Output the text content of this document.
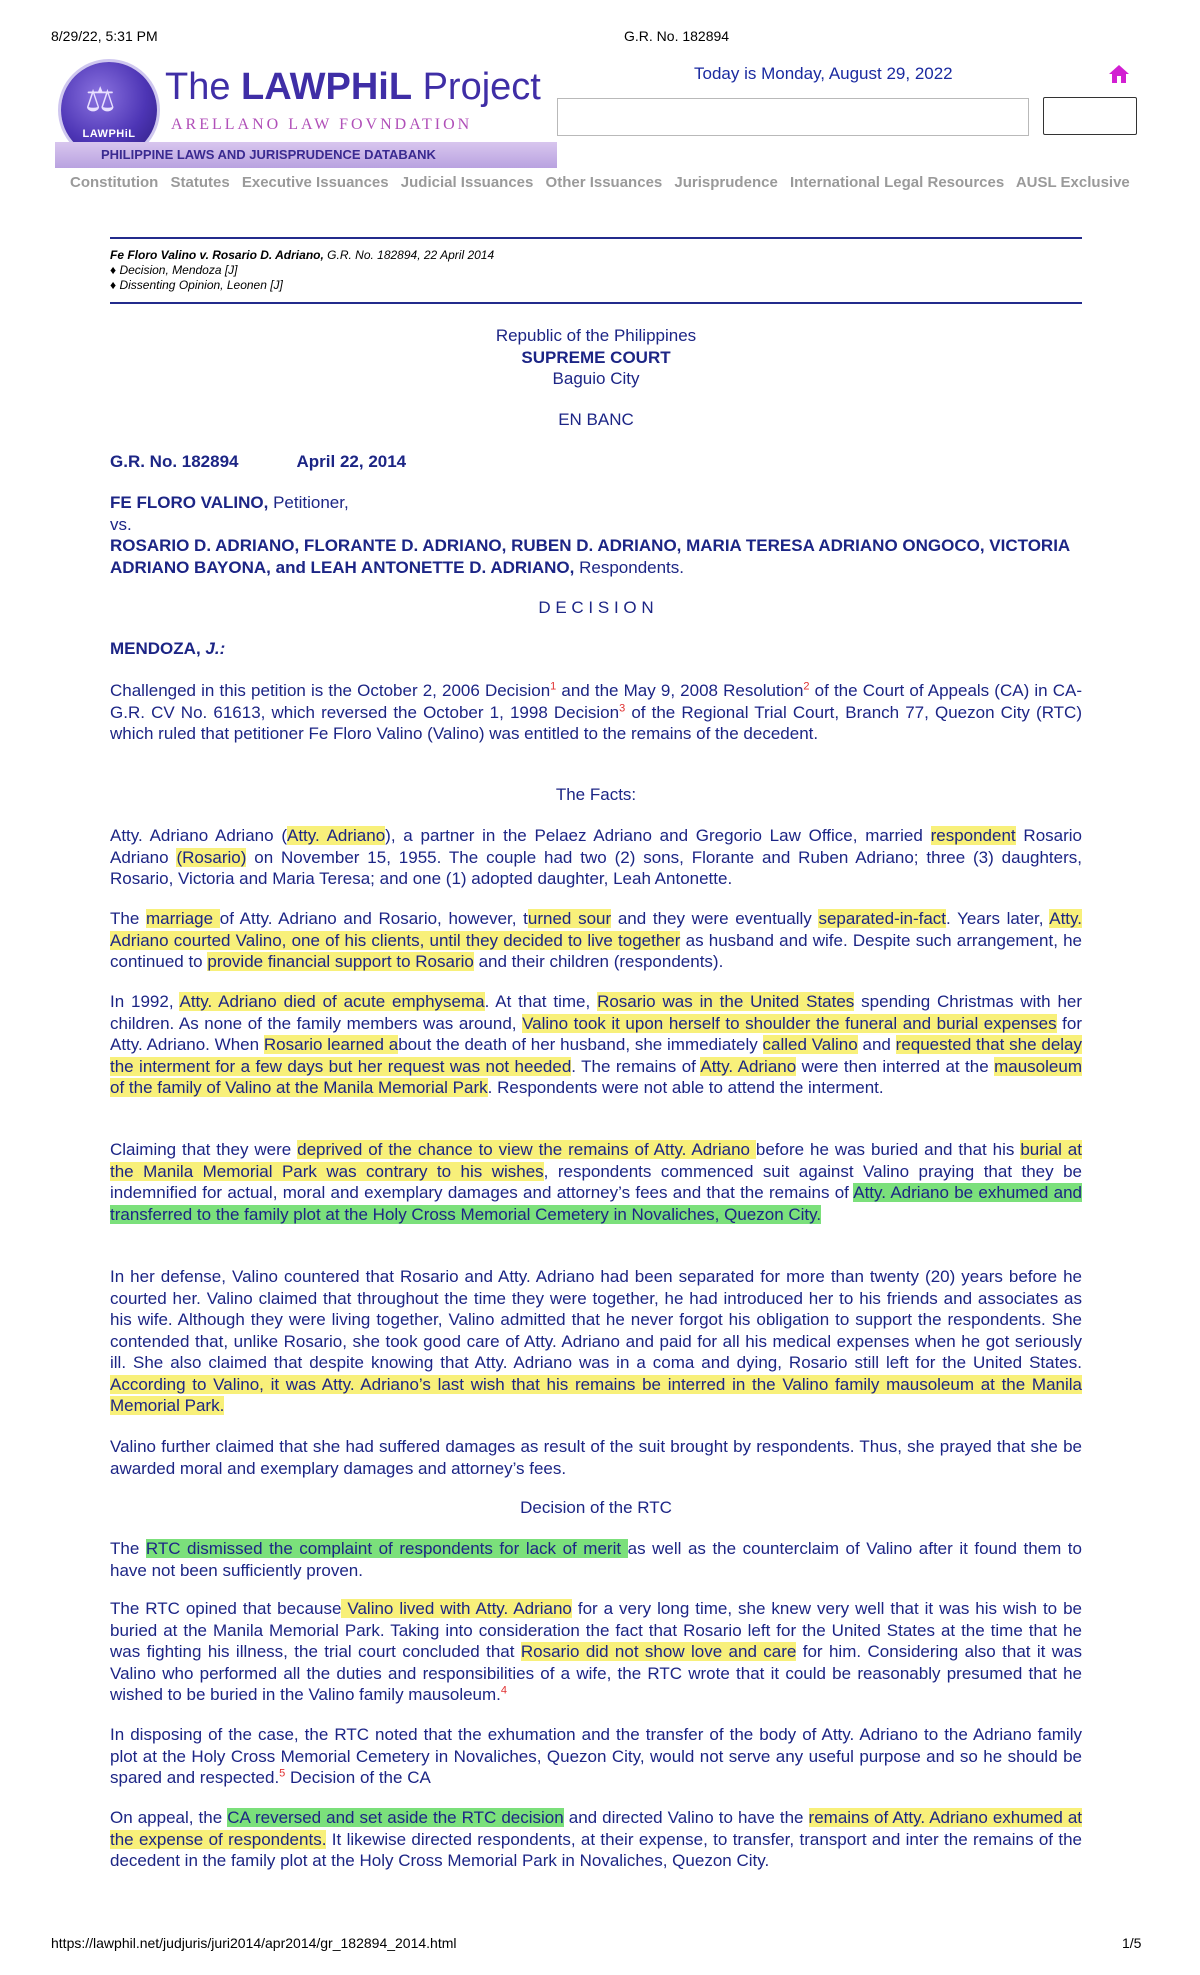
8/29/22, 5:31 PM	G.R. No. 182894
⚖
LAWPHiL
The LAWPHiL Project
ARELLANO LAW FOVNDATION
PHILIPPINE LAWS AND JURISPRUDENCE DATABANK
Today is Monday, August 29, 2022
Constitution Statutes Executive Issuances Judicial Issuances Other Issuances Jurisprudence International Legal Resources AUSL Exclusive
Fe Floro Valino v. Rosario D. Adriano, G.R. No. 182894, 22 April 2014
♦ Decision, Mendoza [J]
♦ Dissenting Opinion, Leonen [J]
Republic of the Philippines
SUPREME COURT
Baguio City
EN BANC
G.R. No. 182894	April 22, 2014
FE FLORO VALINO, Petitioner,
vs.
ROSARIO D. ADRIANO, FLORANTE D. ADRIANO, RUBEN D. ADRIANO, MARIA TERESA ADRIANO ONGOCO, VICTORIA ADRIANO BAYONA, and LEAH ANTONETTE D. ADRIANO, Respondents.
D E C I S I O N
MENDOZA, J.:
Challenged in this petition is the October 2, 2006 Decision$^1$ and the May 9, 2008 Resolution$^2$ of the Court of Appeals (CA) in CA-G.R. CV No. 61613, which reversed the October 1, 1998 Decision$^3$ of the Regional Trial Court, Branch 77, Quezon City (RTC) which ruled that petitioner Fe Floro Valino (Valino) was entitled to the remains of the decedent.
The Facts:
Atty. Adriano Adriano (Atty. Adriano), a partner in the Pelaez Adriano and Gregorio Law Office, married respondent Rosario Adriano (Rosario) on November 15, 1955. The couple had two (2) sons, Florante and Ruben Adriano; three (3) daughters, Rosario, Victoria and Maria Teresa; and one (1) adopted daughter, Leah Antonette.
The marriage of Atty. Adriano and Rosario, however, turned sour and they were eventually separated-in-fact. Years later, Atty. Adriano courted Valino, one of his clients, until they decided to live together as husband and wife. Despite such arrangement, he continued to provide financial support to Rosario and their children (respondents).
In 1992, Atty. Adriano died of acute emphysema. At that time, Rosario was in the United States spending Christmas with her children. As none of the family members was around, Valino took it upon herself to shoulder the funeral and burial expenses for Atty. Adriano. When Rosario learned about the death of her husband, she immediately called Valino and requested that she delay the interment for a few days but her request was not heeded. The remains of Atty. Adriano were then interred at the mausoleum of the family of Valino at the Manila Memorial Park. Respondents were not able to attend the interment.
Claiming that they were deprived of the chance to view the remains of Atty. Adriano before he was buried and that his burial at the Manila Memorial Park was contrary to his wishes, respondents commenced suit against Valino praying that they be indemnified for actual, moral and exemplary damages and attorney’s fees and that the remains of Atty. Adriano be exhumed and transferred to the family plot at the Holy Cross Memorial Cemetery in Novaliches, Quezon City.
In her defense, Valino countered that Rosario and Atty. Adriano had been separated for more than twenty (20) years before he courted her. Valino claimed that throughout the time they were together, he had introduced her to his friends and associates as his wife. Although they were living together, Valino admitted that he never forgot his obligation to support the respondents. She contended that, unlike Rosario, she took good care of Atty. Adriano and paid for all his medical expenses when he got seriously ill. She also claimed that despite knowing that Atty. Adriano was in a coma and dying, Rosario still left for the United States. According to Valino, it was Atty. Adriano’s last wish that his remains be interred in the Valino family mausoleum at the Manila Memorial Park.
Valino further claimed that she had suffered damages as result of the suit brought by respondents. Thus, she prayed that she be awarded moral and exemplary damages and attorney’s fees.
Decision of the RTC
The RTC dismissed the complaint of respondents for lack of merit as well as the counterclaim of Valino after it found them to have not been sufficiently proven.
The RTC opined that because Valino lived with Atty. Adriano for a very long time, she knew very well that it was his wish to be buried at the Manila Memorial Park. Taking into consideration the fact that Rosario left for the United States at the time that he was fighting his illness, the trial court concluded that Rosario did not show love and care for him. Considering also that it was Valino who performed all the duties and responsibilities of a wife, the RTC wrote that it could be reasonably presumed that he wished to be buried in the Valino family mausoleum.$^4$
In disposing of the case, the RTC noted that the exhumation and the transfer of the body of Atty. Adriano to the Adriano family plot at the Holy Cross Memorial Cemetery in Novaliches, Quezon City, would not serve any useful purpose and so he should be spared and respected.$^5$ Decision of the CA
On appeal, the CA reversed and set aside the RTC decision and directed Valino to have the remains of Atty. Adriano exhumed at the expense of respondents. It likewise directed respondents, at their expense, to transfer, transport and inter the remains of the decedent in the family plot at the Holy Cross Memorial Park in Novaliches, Quezon City.
https://lawphil.net/judjuris/juri2014/apr2014/gr_182894_2014.html	1/5
